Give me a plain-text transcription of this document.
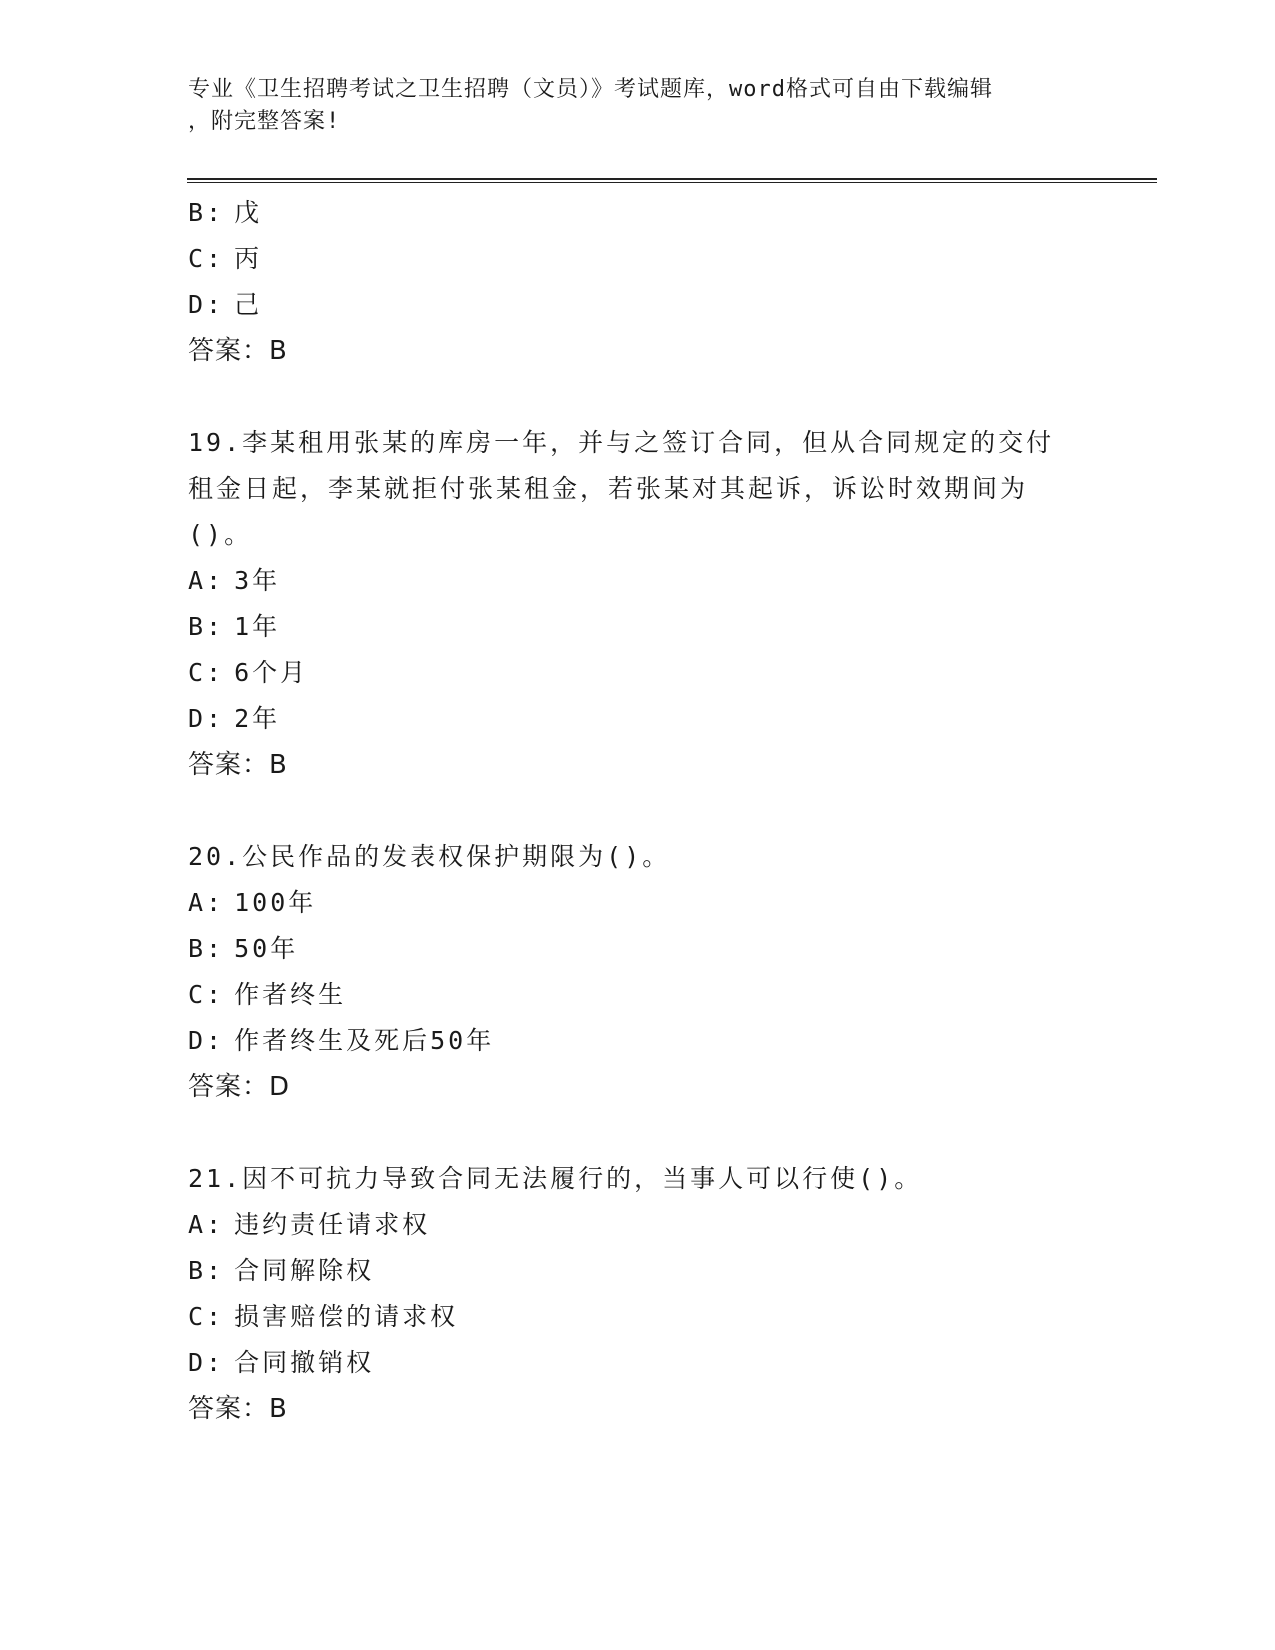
专业《卫生招聘考试之卫生招聘（文员）》考试题库，word格式可自由下载编辑
，附完整答案!
B: 戊
C: 丙
D: 己
答案：B
19.李某租用张某的库房一年，并与之签订合同，但从合同规定的交付
租金日起，李某就拒付张某租金，若张某对其起诉，诉讼时效期间为
()。
A: 3年
B: 1年
C: 6个月
D: 2年
答案：B
20.公民作品的发表权保护期限为()。
A: 100年
B: 50年
C: 作者终生
D: 作者终生及死后50年
答案：D
21.因不可抗力导致合同无法履行的，当事人可以行使()。
A: 违约责任请求权
B: 合同解除权
C: 损害赔偿的请求权
D: 合同撤销权
答案：B
